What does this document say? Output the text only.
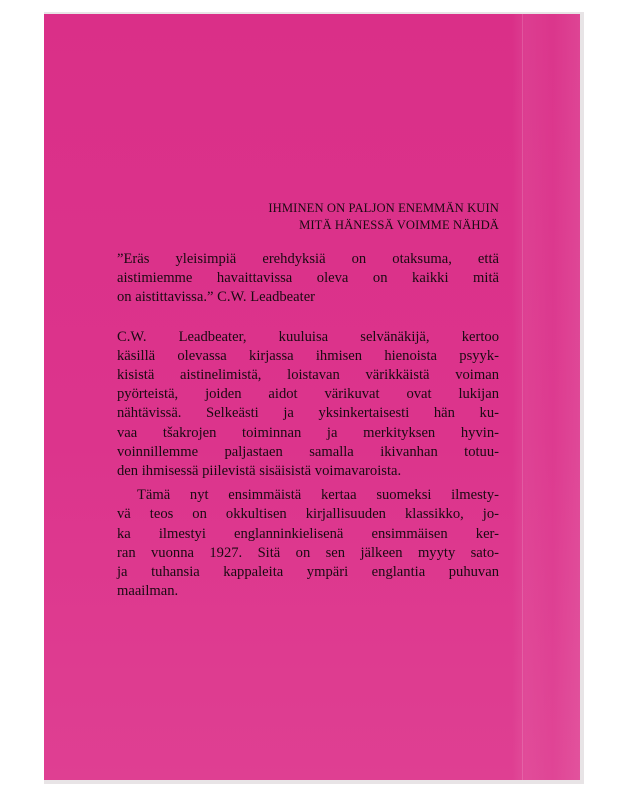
IHMINEN ON PALJON ENEMMÄN KUIN
MITÄ HÄNESSÄ VOIMME NÄHDÄ
”Eräs yleisimpiä erehdyksiä on otaksuma, että
aistimiemme havaittavissa oleva on kaikki mitä
on aistittavissa.” C.W. Leadbeater
C.W. Leadbeater, kuuluisa selvänäkijä, kertoo
käsillä olevassa kirjassa ihmisen hienoista psyyk-
kisistä aistinelimistä, loistavan värikkäistä voiman
pyörteistä, joiden aidot värikuvat ovat lukijan
nähtävissä. Selkeästi ja yksinkertaisesti hän ku-
vaa tšakrojen toiminnan ja merkityksen hyvin-
voinnillemme paljastaen samalla ikivanhan totuu-
den ihmisessä piilevistä sisäisistä voimavaroista.
Tämä nyt ensimmäistä kertaa suomeksi ilmesty-
vä teos on okkultisen kirjallisuuden klassikko, jo-
ka ilmestyi englanninkielisenä ensimmäisen ker-
ran vuonna 1927. Sitä on sen jälkeen myyty sato-
ja tuhansia kappaleita ympäri englantia puhuvan
maailman.
